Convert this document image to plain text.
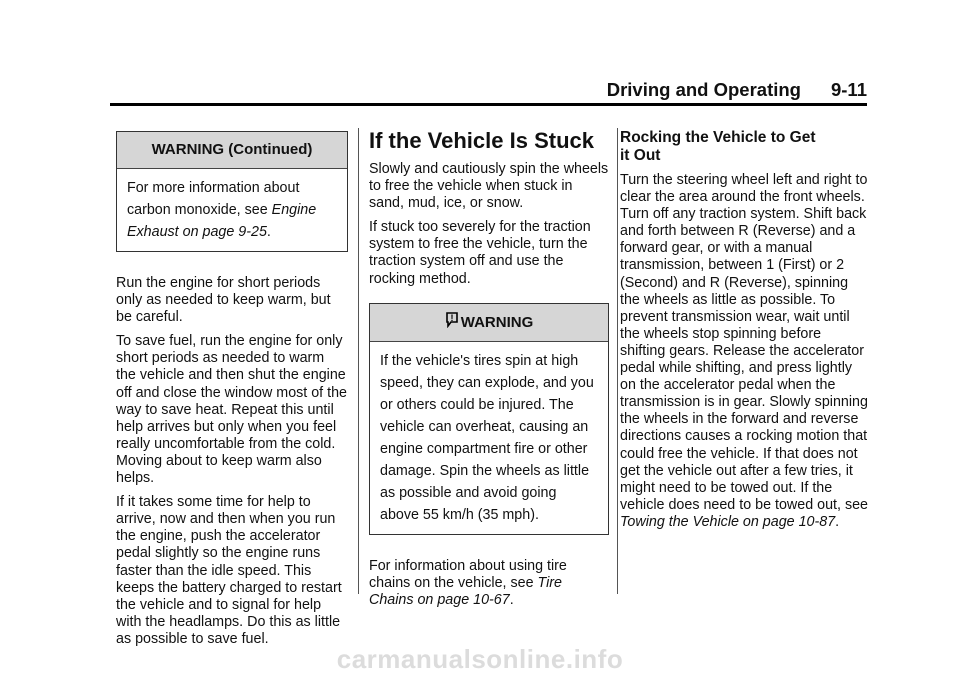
Driving and Operating 9-11
WARNING (Continued)

For more information about carbon monoxide, see Engine Exhaust on page 9-25.

Run the engine for short periods only as needed to keep warm, but be careful.

To save fuel, run the engine for only short periods as needed to warm the vehicle and then shut the engine off and close the window most of the way to save heat. Repeat this until help arrives but only when you feel really uncomfortable from the cold. Moving about to keep warm also helps.

If it takes some time for help to arrive, now and then when you run the engine, push the accelerator pedal slightly so the engine runs faster than the idle speed. This keeps the battery charged to restart the vehicle and to signal for help with the headlamps. Do this as little as possible to save fuel.

If the Vehicle Is Stuck

Slowly and cautiously spin the wheels to free the vehicle when stuck in sand, mud, ice, or snow.

If stuck too severely for the traction system to free the vehicle, turn the traction system off and use the rocking method.

! WARNING

If the vehicle's tires spin at high speed, they can explode, and you or others could be injured. The vehicle can overheat, causing an engine compartment fire or other damage. Spin the wheels as little as possible and avoid going above 55 km/h (35 mph).

For information about using tire chains on the vehicle, see Tire Chains on page 10-67.

Rocking the Vehicle to Get
it Out

Turn the steering wheel left and right to clear the area around the front wheels. Turn off any traction system. Shift back and forth between R (Reverse) and a forward gear, or with a manual transmission, between 1 (First) or 2 (Second) and R (Reverse), spinning the wheels as little as possible. To prevent transmission wear, wait until the wheels stop spinning before shifting gears. Release the accelerator pedal while shifting, and press lightly on the accelerator pedal when the transmission is in gear. Slowly spinning the wheels in the forward and reverse directions causes a rocking motion that could free the vehicle. If that does not get the vehicle out after a few tries, it might need to be towed out. If the vehicle does need to be towed out, see Towing the Vehicle on page 10-87.

carmanualsonline.info
